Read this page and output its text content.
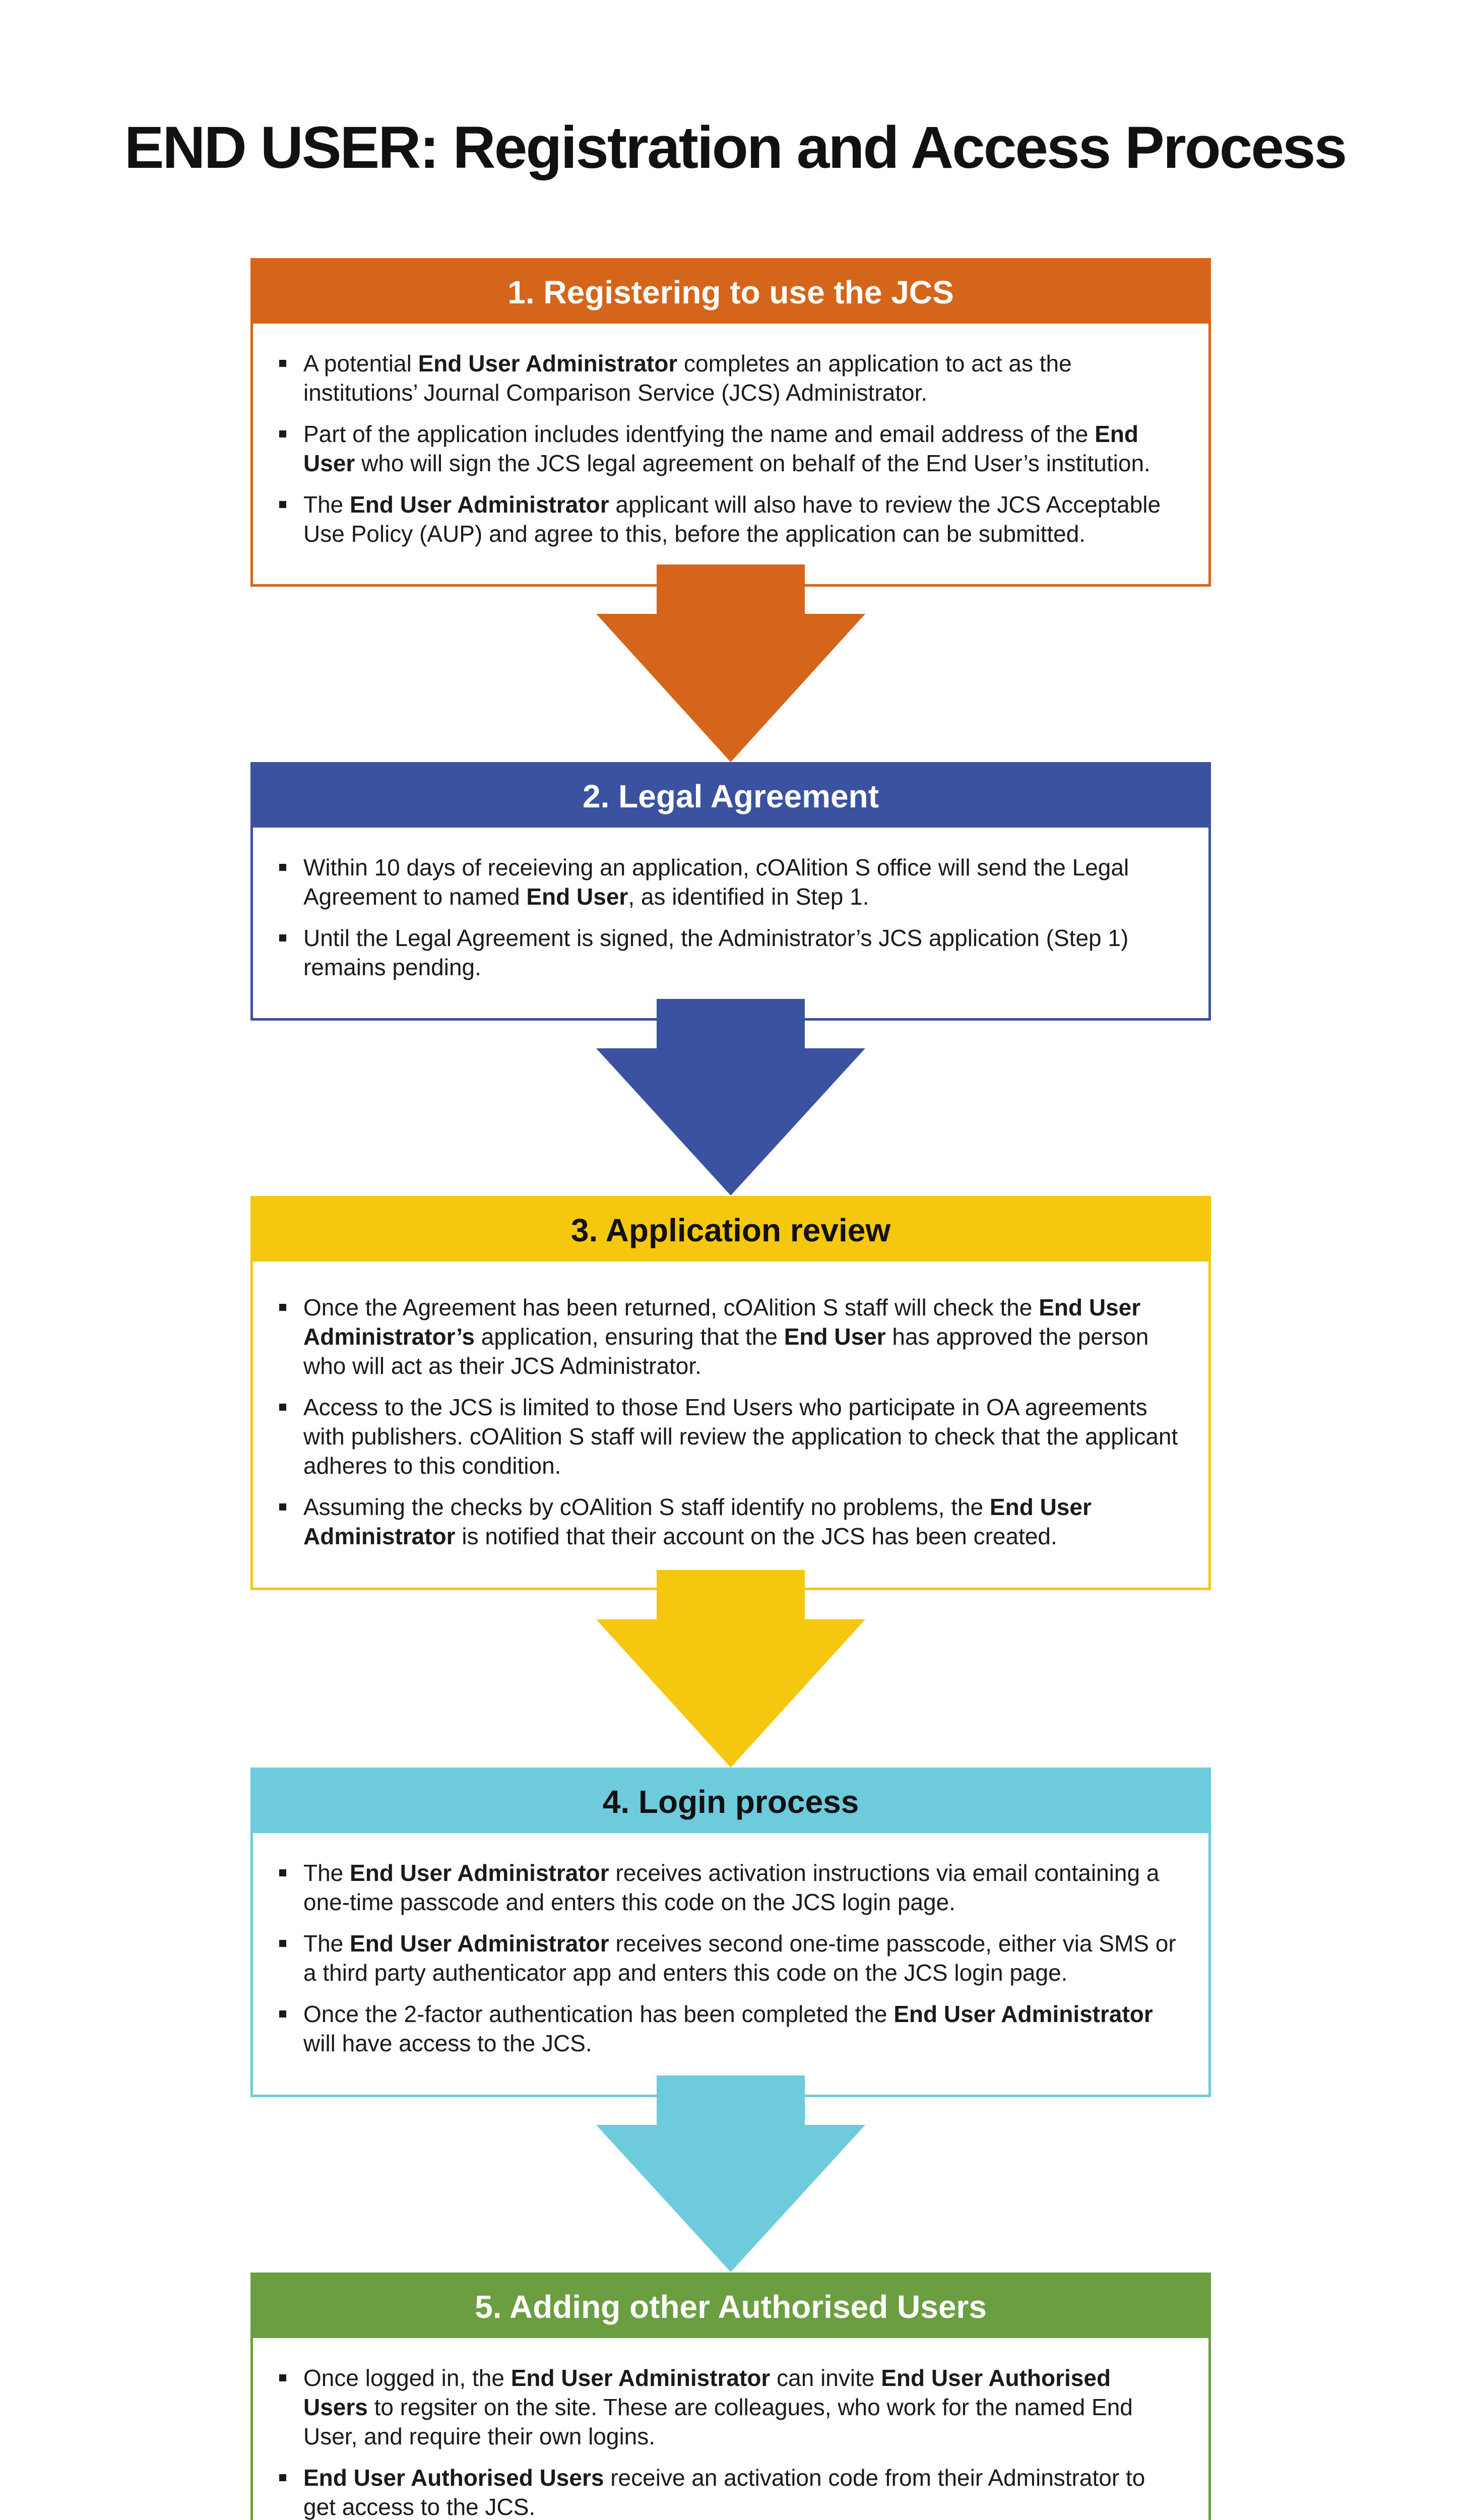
END USER: Registration and Access Process
1. Registering to use the JCS
A potential End User Administrator completes an application to act as the institutions’ Journal Comparison Service (JCS) Administrator.
Part of the application includes identfying the name and email address of the End User who will sign the JCS legal agreement on behalf of the End User’s institution.
The End User Administrator applicant will also have to review the JCS Acceptable Use Policy (AUP) and agree to this, before the application can be submitted.
2. Legal Agreement
Within 10 days of receieving an application, cOAlition S office will send the Legal Agreement to named End User, as identified in Step 1.
Until the Legal Agreement is signed, the Administrator’s JCS application (Step 1) remains pending.
3. Application review
Once the Agreement has been returned, cOAlition S staff will check the End User Administrator’s application, ensuring that the End User has approved the person who will act as their JCS Administrator.
Access to the JCS is limited to those End Users who participate in OA agreements with publishers. cOAlition S staff will review the application to check that the applicant adheres to this condition.
Assuming the checks by cOAlition S staff identify no problems, the End User Administrator is notified that their account on the JCS has been created.
4. Login process
The End User Administrator receives activation instructions via email containing a one-time passcode and enters this code on the JCS login page.
The End User Administrator receives second one-time passcode, either via SMS or a third party authenticator app and enters this code on the JCS login page.
Once the 2-factor authentication has been completed the End User Administrator will have access to the JCS.
5. Adding other Authorised Users
Once logged in, the End User Administrator can invite End User Authorised Users to regsiter on the site. These are colleagues, who work for the named End User, and require their own logins.
End User Authorised Users receive an activation code from their Adminstrator to get access to the JCS.
